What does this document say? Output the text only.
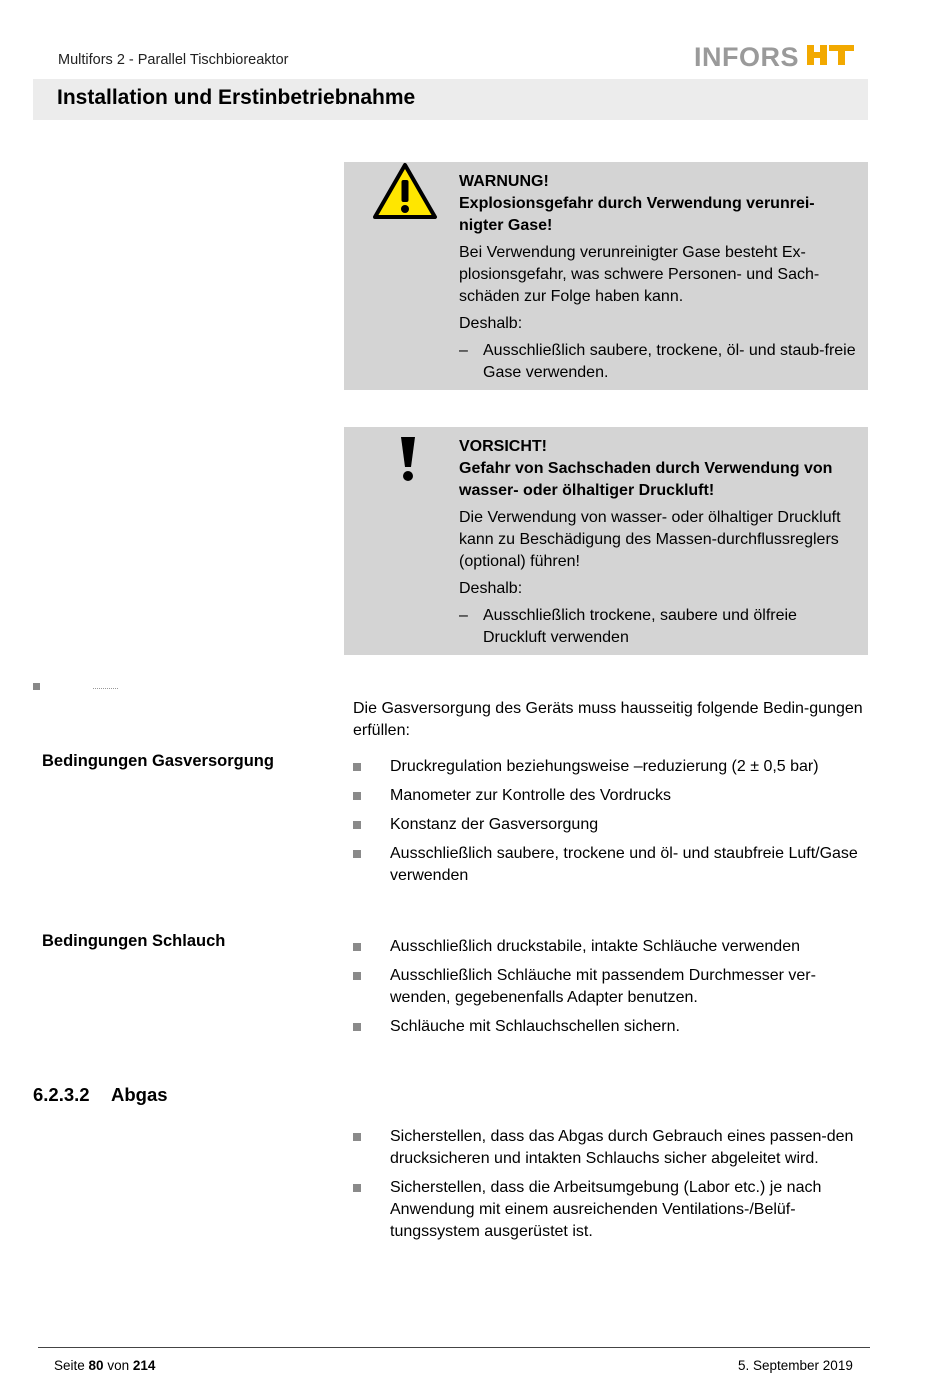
Multifors 2 - Parallel Tischbioreaktor	INFORS
Installation und Erstinbetriebnahme

WARNUNG!

Explosionsgefahr durch Verwendung verunrei-nigter Gase!

Bei Verwendung verunreinigter Gase besteht Ex-plosionsgefahr, was schwere Personen- und Sach-schäden zur Folge haben kann.

Deshalb:

– Ausschließlich saubere, trockene, öl- und staub-freie Gase verwenden.

VORSICHT!

Gefahr von Sachschaden durch Verwendung von wasser- oder ölhaltiger Druckluft!

Die Verwendung von wasser- oder ölhaltiger Druckluft kann zu Beschädigung des Massen-durchflussreglers (optional) führen!

Deshalb:

– Ausschließlich trockene, saubere und ölfreie Druckluft verwenden
Die Gasversorgung des Geräts muss hausseitig folgende Bedin-gungen erfüllen:
Bedingungen Gasversorgung	Druckregulation beziehungsweise –reduzierung (2 ± 0,5 bar)
Manometer zur Kontrolle des Vordrucks
Konstanz der Gasversorgung
Ausschließlich saubere, trockene und öl- und staubfreie Luft/Gase verwenden
Bedingungen Schlauch	Ausschließlich druckstabile, intakte Schläuche verwenden
Ausschließlich Schläuche mit passendem Durchmesser ver-wenden, gegebenenfalls Adapter benutzen.
Schläuche mit Schlauchschellen sichern.
6.2.3.2 Abgas
Sicherstellen, dass das Abgas durch Gebrauch eines passen-den drucksicheren und intakten Schlauchs sicher abgeleitet wird.
Sicherstellen, dass die Arbeitsumgebung (Labor etc.) je nach Anwendung mit einem ausreichenden Ventilations-/Belüf-tungssystem ausgerüstet ist.
Seite 80 von 214	5. September 2019
